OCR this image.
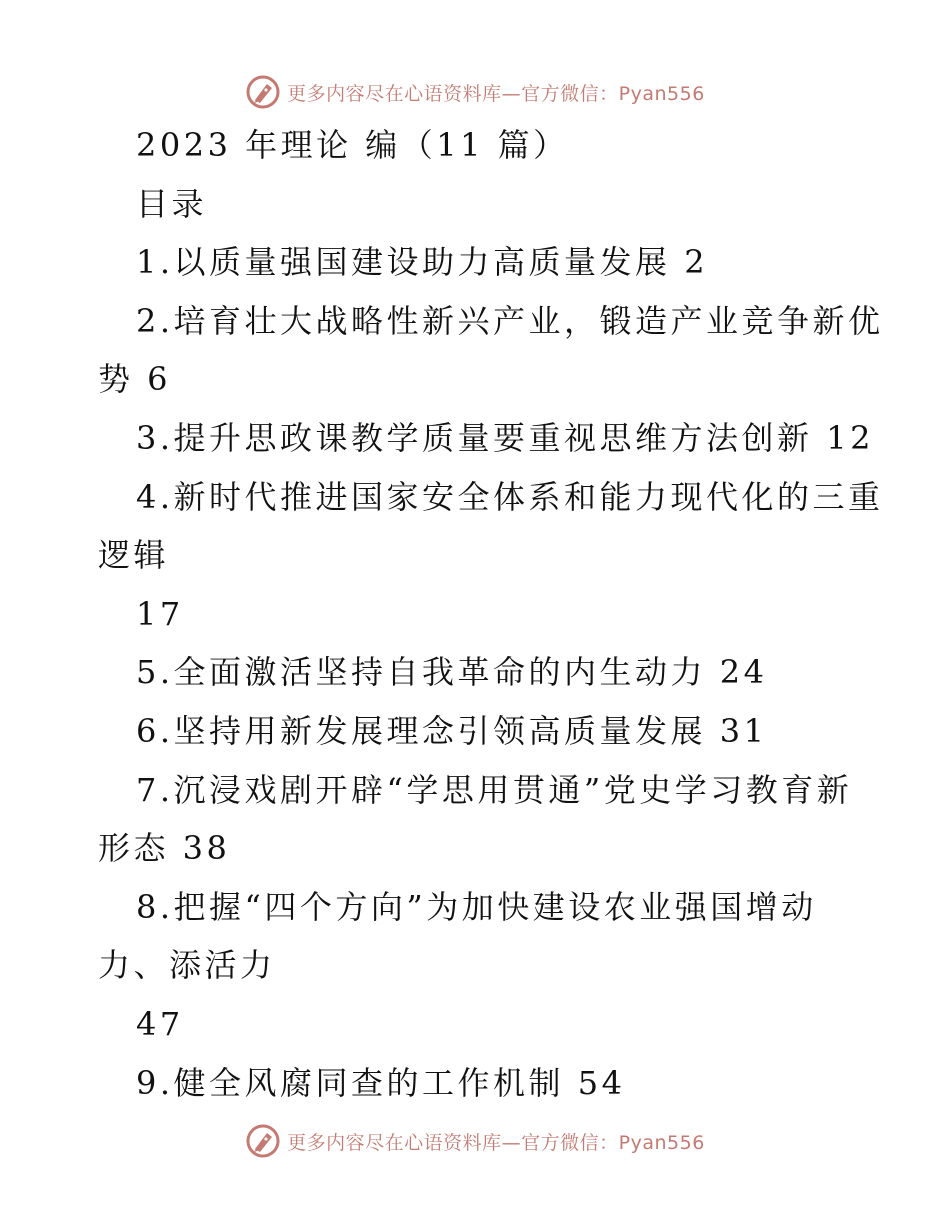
更多内容尽在心语资料库—官方微信：Pyan556
2023 年理论 编（11 篇）
目录
1.以质量强国建设助力高质量发展 2
2.培育壮大战略性新兴产业，锻造产业竞争新优
势 6
3.提升思政课教学质量要重视思维方法创新 12
4.新时代推进国家安全体系和能力现代化的三重
逻辑
17
5.全面激活坚持自我革命的内生动力 24
6.坚持用新发展理念引领高质量发展 31
7.沉浸戏剧开辟“学思用贯通”党史学习教育新
形态 38
8.把握“四个方向”为加快建设农业强国增动
力、添活力
47
9.健全风腐同查的工作机制 54
更多内容尽在心语资料库—官方微信：Pyan556
